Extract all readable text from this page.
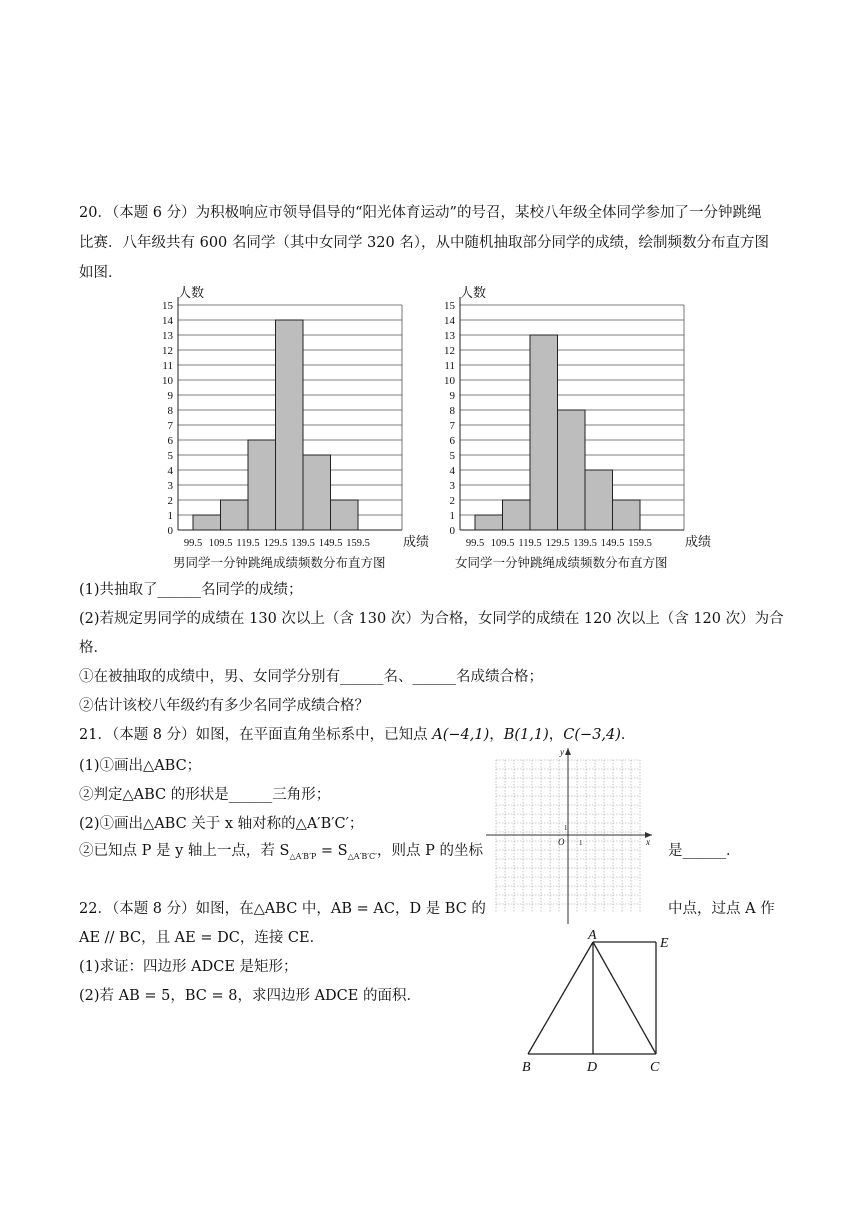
20．（本题 6 分）为积极响应市领导倡导的“阳光体育运动”的号召，某校八年级全体同学参加了一分钟跳绳
比赛．八年级共有 600 名同学（其中女同学 320 名），从中随机抽取部分同学的成绩，绘制频数分布直方图
如图．
0
1
2
3
4
5
6
7
8
9
10
11
12
13
14
15
人数
99.5 109.5 119.5 129.5 139.5 149.5 159.5	成绩
男同学一分钟跳绳成绩频数分布直方图
0
1
2
3
4
5
6
7
8
9
10
11
12
13
14
15
人数
99.5 109.5 119.5 129.5 139.5 149.5 159.5	成绩
女同学一分钟跳绳成绩频数分布直方图
(1)共抽取了______名同学的成绩；
(2)若规定男同学的成绩在 130 次以上（含 130 次）为合格，女同学的成绩在 120 次以上（含 120 次）为合
格．
①在被抽取的成绩中，男、女同学分别有______名、______名成绩合格；
②估计该校八年级约有多少名同学成绩合格？
21．（本题 8 分）如图，在平面直角坐标系中，已知点 A(−4,1)，B(1,1)，C(−3,4)．
(1)①画出△ABC；
②判定△ABC 的形状是______三角形；
(2)①画出△ABC 关于 x 轴对称的△A′B′C′；
②已知点 P 是 y 轴上一点，若 $S_{\triangle A'B'P} = S_{\triangle A'B'C'}$，则点 P 的坐标	是______．
y
x
O
1
1
22．（本题 8 分）如图，在△ABC 中，AB = AC，D 是 BC 的	中点，过点 A 作
AE // BC，且 AE = DC，连接 CE．
(1)求证：四边形 ADCE 是矩形；
(2)若 AB = 5，BC = 8，求四边形 ADCE 的面积．
A
E
B	D	C
